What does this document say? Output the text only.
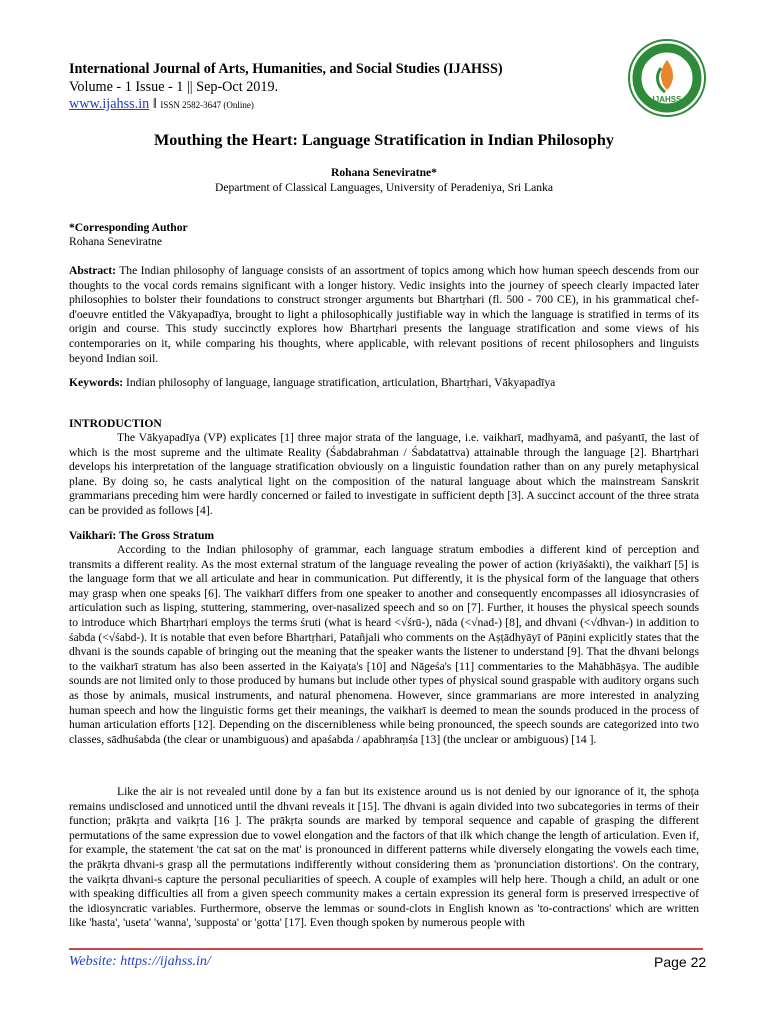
International Journal of Arts, Humanities, and Social Studies (IJAHSS)
Volume - 1 Issue - 1 || Sep-Oct 2019.
www.ijahss.in ‖ ISSN 2582-3647 (Online)
IJAHSS
Mouthing the Heart: Language Stratification in Indian Philosophy
Rohana Seneviratne*
Department of Classical Languages, University of Peradeniya, Sri Lanka
*Corresponding Author
Rohana Seneviratne

Abstract: The Indian philosophy of language consists of an assortment of topics among which how human speech descends from our thoughts to the vocal cords remains significant with a longer history. Vedic insights into the journey of speech clearly impacted later philosophies to bolster their foundations to construct stronger arguments but Bhartṛhari (fl. 500 - 700 CE), in his grammatical chef-d'oeuvre entitled the Vākyapadīya, brought to light a philosophically justifiable way in which the language is stratified in terms of its origin and course. This study succinctly explores how Bhartṛhari presents the language stratification and some views of his contemporaries on it, while comparing his thoughts, where applicable, with relevant positions of recent philosophers and linguists beyond Indian soil.

Keywords: Indian philosophy of language, language stratification, articulation, Bhartṛhari, Vākyapadīya

INTRODUCTION

The Vākyapadīya (VP) explicates [1] three major strata of the language, i.e. vaikharī, madhyamā, and paśyantī, the last of which is the most supreme and the ultimate Reality (Śabdabrahman / Śabdatattva) attainable through the language [2]. Bhartṛhari develops his interpretation of the language stratification obviously on a linguistic foundation rather than on any purely metaphysical plane. By doing so, he casts analytical light on the composition of the natural language about which the mainstream Sanskrit grammarians preceding him were hardly concerned or failed to investigate in sufficient depth [3]. A succinct account of the three strata can be provided as follows [4].

Vaikharī: The Gross Stratum

According to the Indian philosophy of grammar, each language stratum embodies a different kind of perception and transmits a different reality. As the most external stratum of the language revealing the power of action (kriyāśakti), the vaikharī [5] is the language form that we all articulate and hear in communication. Put differently, it is the physical form of the language that others may grasp when one speaks [6]. The vaikharī differs from one speaker to another and consequently encompasses all idiosyncrasies of articulation such as lisping, stuttering, stammering, over-nasalized speech and so on [7]. Further, it houses the physical speech sounds to introduce which Bhartṛhari employs the terms śruti (what is heard <√śrū-), nāda (<√nad-) [8], and dhvani (<√dhvan-) in addition to śabda (<√śabd-). It is notable that even before Bhartṛhari, Patañjali who comments on the Aṣṭādhyāyī of Pāṇini explicitly states that the dhvani is the sounds capable of bringing out the meaning that the speaker wants the listener to understand [9]. That the dhvani belongs to the vaikharī stratum has also been asserted in the Kaiyaṭa's [10] and Nāgeśa's [11] commentaries to the Mahābhāṣya. The audible sounds are not limited only to those produced by humans but include other types of physical sound graspable with auditory organs such as those by animals, musical instruments, and natural phenomena. However, since grammarians are more interested in analyzing human speech and how the linguistic forms get their meanings, the vaikharī is deemed to mean the sounds produced in the process of human articulation efforts [12]. Depending on the discernibleness while being pronounced, the speech sounds are categorized into two classes, sādhuśabda (the clear or unambiguous) and apaśabda / apabhraṃśa [13] (the unclear or ambiguous) [14 ].

Like the air is not revealed until done by a fan but its existence around us is not denied by our ignorance of it, the sphoṭa remains undisclosed and unnoticed until the dhvani reveals it [15]. The dhvani is again divided into two subcategories in terms of their function; prākṛta and vaikṛta [16 ]. The prākṛta sounds are marked by temporal sequence and capable of grasping the different permutations of the same expression due to vowel elongation and the factors of that ilk which change the length of articulation. Even if, for example, the statement 'the cat sat on the mat' is pronounced in different patterns while diversely elongating the vowels each time, the prākṛta dhvani-s grasp all the permutations indifferently without considering them as 'pronunciation distortions'. On the contrary, the vaikṛta dhvani-s capture the personal peculiarities of speech. A couple of examples will help here. Though a child, an adult or one with speaking difficulties all from a given speech community makes a certain expression its general form is preserved irrespective of the idiosyncratic variables. Furthermore, observe the lemmas or sound-clots in English known as 'to-contractions' which are written like 'hasta', 'useta' 'wanna', 'supposta' or 'gotta' [17]. Even though spoken by numerous people with

Website: https://ijahss.in/	Page 22
